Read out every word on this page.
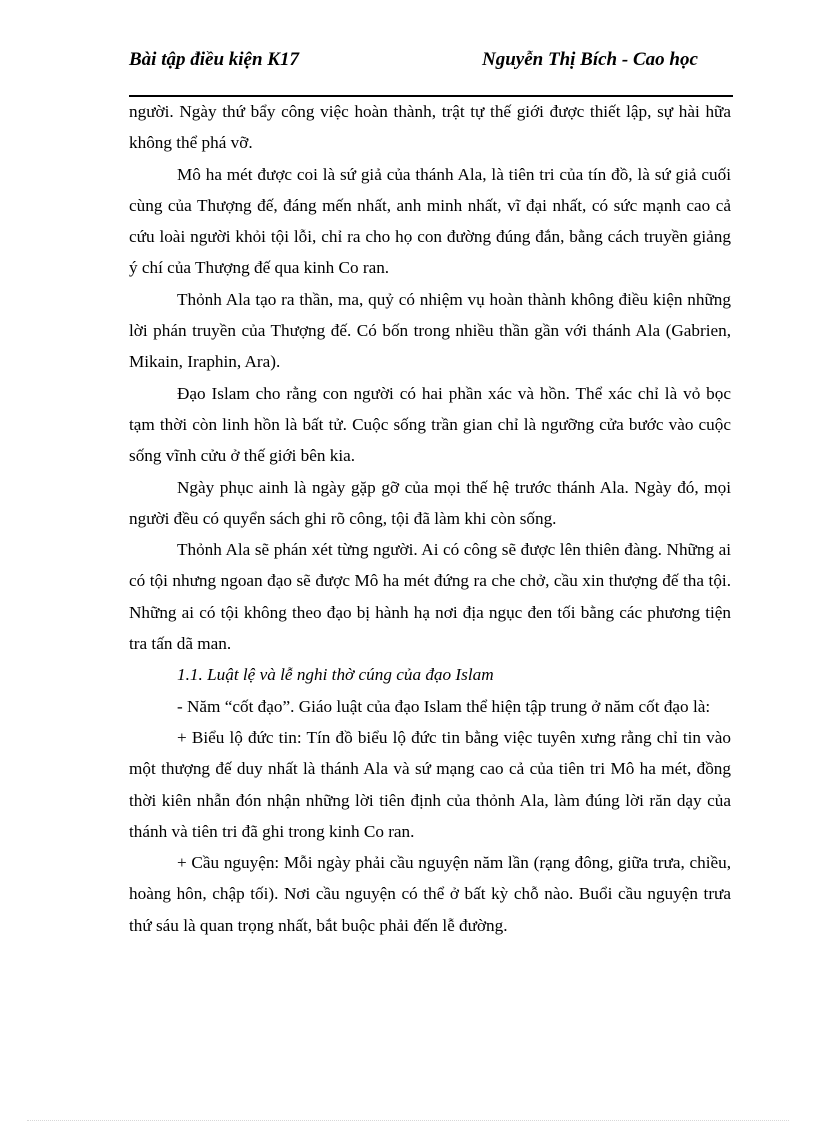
Bài tập điều kiện K17	Nguyễn Thị Bích - Cao học

người. Ngày thứ bẩy công việc hoàn thành, trật tự thế giới được thiết lập, sự hài hữa không thể phá vỡ.

Mô ha mét được coi là sứ giả của thánh Ala, là tiên tri của tín đồ, là sứ giả cuối cùng của Thượng đế, đáng mến nhất, anh minh nhất, vĩ đại nhất, có sức mạnh cao cả cứu loài người khỏi tội lỗi, chỉ ra cho họ con đường đúng đắn, bằng cách truyền giảng ý chí của Thượng đế qua kinh Co ran.

Thỏnh Ala tạo ra thần, ma, quỷ có nhiệm vụ hoàn thành không điều kiện những lời phán truyền của Thượng đế. Có bốn trong nhiều thần gần với thánh Ala (Gabrien, Mikain, Iraphin, Ara).

Đạo Islam cho rằng con người có hai phần xác và hồn. Thể xác chỉ là vỏ bọc tạm thời còn linh hồn là bất tử. Cuộc sống trần gian chỉ là ngưỡng cửa bước vào cuộc sống vĩnh cửu ở thế giới bên kia.

Ngày phục ainh là ngày gặp gỡ của mọi thế hệ trước thánh Ala. Ngày đó, mọi người đều có quyển sách ghi rõ công, tội đã làm khi còn sống.

Thỏnh Ala sẽ phán xét từng người. Ai có công sẽ được lên thiên đàng. Những ai có tội nhưng ngoan đạo sẽ được Mô ha mét đứng ra che chở, cầu xin thượng đế tha tội. Những ai có tội không theo đạo bị hành hạ nơi địa ngục đen tối bằng các phương tiện tra tấn dã man.

1.1. Luật lệ và lễ nghi thờ cúng của đạo Islam

- Năm “cốt đạo”. Giáo luật của đạo Islam thể hiện tập trung ở năm cốt đạo là:

+ Biểu lộ đức tin: Tín đồ biểu lộ đức tin bằng việc tuyên xưng rằng chỉ tin vào một thượng đế duy nhất là thánh Ala và sứ mạng cao cả của tiên tri Mô ha mét, đồng thời kiên nhẫn đón nhận những lời tiên định của thỏnh Ala, làm đúng lời răn dạy của thánh và tiên tri đã ghi trong kinh Co ran.

+ Cầu nguyện: Mỗi ngày phải cầu nguyện năm lần (rạng đông, giữa trưa, chiều, hoàng hôn, chập tối). Nơi cầu nguyện có thể ở bất kỳ chỗ nào. Buổi cầu nguyện trưa thứ sáu là quan trọng nhất, bắt buộc phải đến lễ đường.
